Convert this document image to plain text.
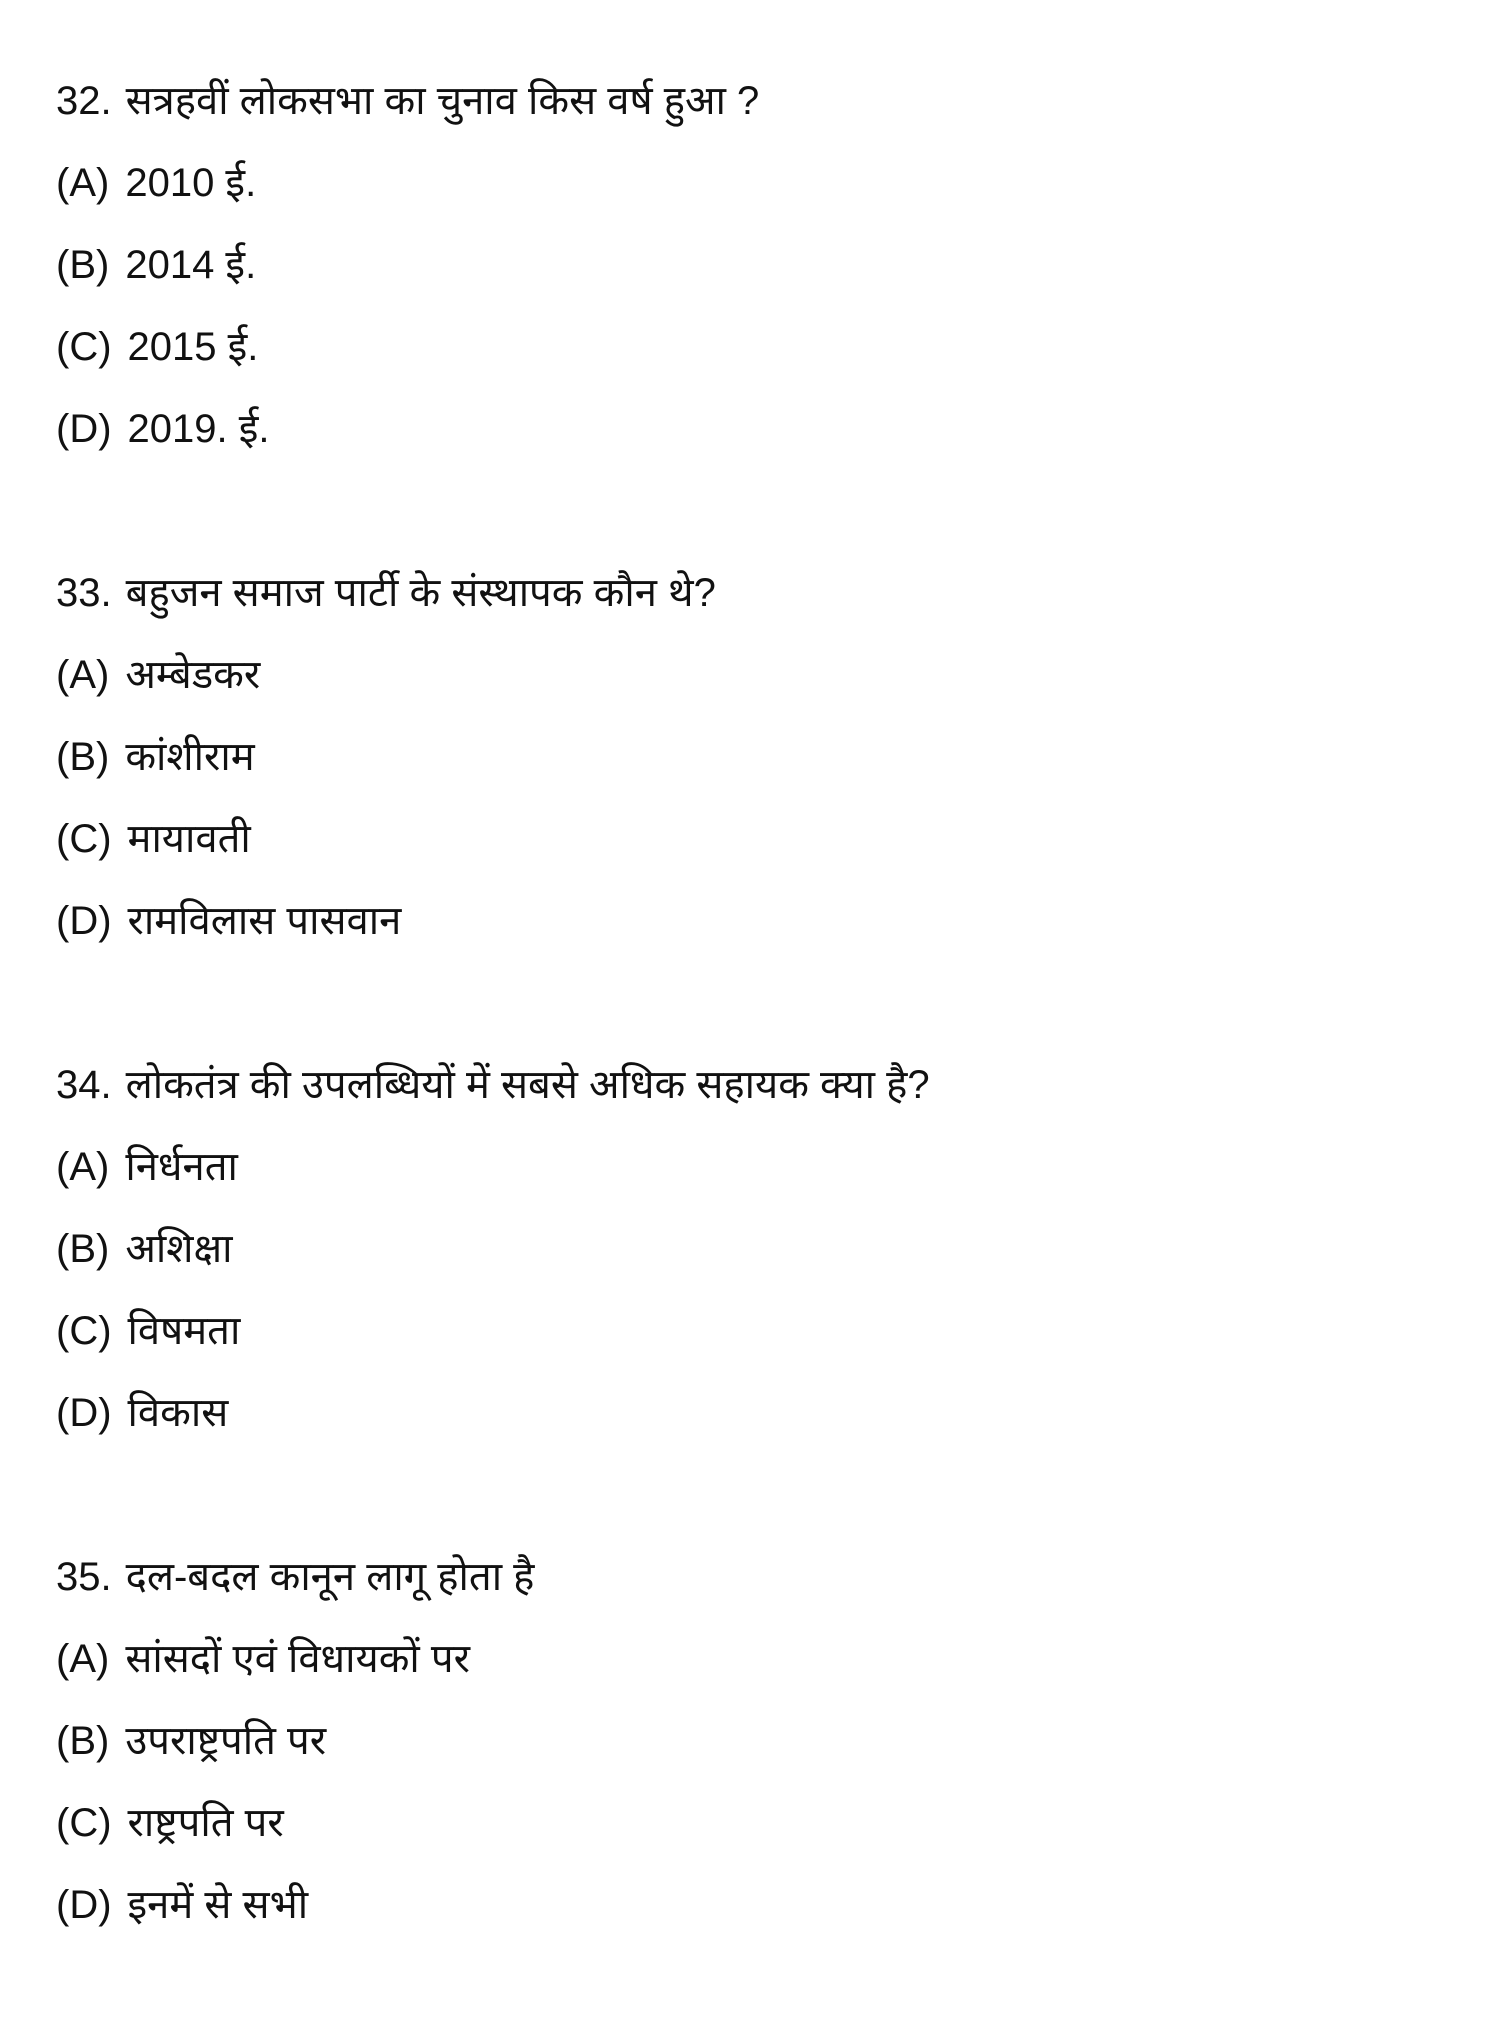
32. सत्रहवीं लोकसभा का चुनाव किस वर्ष हुआ ?
(A) 2010 ई.
(B) 2014 ई.
(C) 2015 ई.
(D) 2019. ई.
33. बहुजन समाज पार्टी के संस्थापक कौन थे?
(A) अम्बेडकर
(B) कांशीराम
(C) मायावती
(D) रामविलास पासवान
34. लोकतंत्र की उपलब्धियों में सबसे अधिक सहायक क्या है?
(A) निर्धनता
(B) अशिक्षा
(C) विषमता
(D) विकास
35. दल-बदल कानून लागू होता है
(A) सांसदों एवं विधायकों पर
(B) उपराष्ट्रपति पर
(C) राष्ट्रपति पर
(D) इनमें से सभी
